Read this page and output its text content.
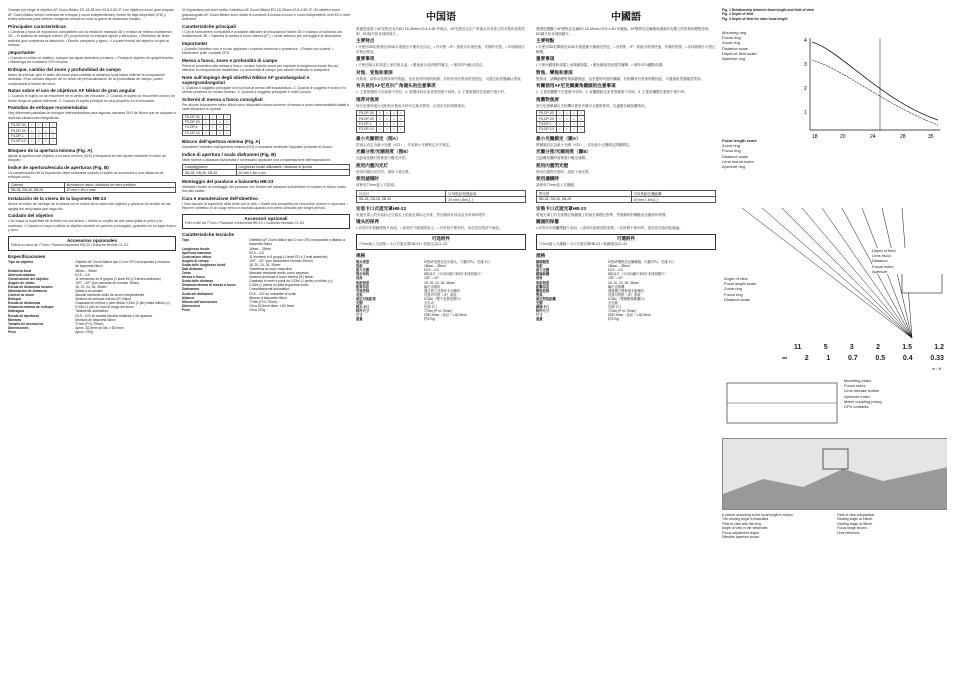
Gracias por elegir el objetivo AF Zoom-Nikkor ED 18-35 mm f/3.5-4.5D IF. Los objetivos zoom gran angular AF Zoom-Nikkor tienen controles de enfoque y zoom independientes, lentes de baja dispersión (ED) y lentes asféricas para obtener imágenes nítidas en toda la gama de distancias focales.
Principales características
• Cámaras y tipos de exposición compatibles con la medición matricial 3D y el flash de relleno multisensor 3D. • El sistema de enfoque interno (IF) proporciona un enfoque rápido y silencioso. • Elemento de lente asférica que compensa la distorsión. • Diseño compacto y ligero. • La parte frontal del objetivo no gira al enfocar.
¡Importante!
• Cuando no utilice el objetivo, coloque las tapas delantera y trasera. • Proteja el objetivo de golpes fuertes. • Mantenga los contactos CPU limpios.
Enfoque, cambio del zoom y profundidad de campo
Antes de enfocar, gire el anillo del zoom para cambiar la distancia focal hasta obtener la composición deseada. Si su cámara dispone de un botón de previsualización de la profundidad de campo, podrá comprobarla a través del visor.
Notas sobre el uso de objetivos AF Nikkor de gran angular
1. Cuando el sujeto no se encuentre en el centro del encuadre. 2. Cuando el sujeto se encuentre cerca y de fondo tenga un patrón diferente. 3. Cuando el sujeto principal es muy pequeño en el encuadre.
Pantallas de enfoque recomendadas
Hay diferentes pantallas de enfoque intercambiables para algunas cámaras SLR de Nikon que se adaptan a diversas situaciones fotográficas.
F5-DP-30	○	○	○	○
F5-DP-20	○	○	○	○
F4-DP-1	○	○	○	○
F3-DP-10	○	○	○	○
Bloqueo de la apertura mínima (Fig. A)
Ajuste la apertura del objetivo a su valor mínimo (f/22) y bloquéela en ese ajuste mediante el botón de bloqueo.
Índice de apertura/escala de aperturas (Fig. B)
La compensación de la exposición debe realizarse cuando el sujeto se encuentra a una distancia de enfoque corta.
Cámara	Iluminación hacia / distancia de fuera posibles
SB-28, SB-26, SB-25	20 mm 1,5m o más
Instalación de la visera de la bayoneta HB-23
Alinee el índice de montaje de la visera con el índice de la visera del objetivo y gírela en el sentido de las agujas del reloj hasta que haga clic.
Cuidado del objetivo
• No toque la superficie de la lente con los dedos. • Utilice un cepillo de aire para quitar el polvo y la suciedad. • Cuando no vaya a utilizar el objetivo durante un período prolongado, guárdelo en un lugar fresco y seco.
Accesorios opcionales
Filtros a rosca de 77mm • Parasol bayoneta HB-23 • Estuche flexible CL-S2
Especificaciones
Tipo de objetivo	Objetivo AF Zoom-Nikkor tipo D con CPU incorporada y montura de bayoneta Nikon
Distancia focal	18mm – 35mm
Abertura máxima	f/3,5 – 4,5
Construcción del objetivo	11 elementos en 8 grupos (1 lente ED y 3 lentes asféricas)
Ángulo de visión	100° – 62° (con cámaras de formato 35mm)
Escala de distancias focales	18, 20, 24, 28, 35mm
Información de distancia	Salida a la cámara
Control de zoom	Manual mediante anillo de zoom independiente
Enfoque	Sistema de enfoque interno (IF) Nikon
Escala de distancias	Graduada en metros y pies desde 0,33m (1 pie) hasta infinito (∞)
Distancia mínima de enfoque	0,33m (1 pie) en todo el rango del zoom
Diafragma	Totalmente automático
Escala de aperturas	f/3,5 – f/22 en ambas escalas estándar y de apertura
Montura	Montura de bayoneta Nikon
Tamaño de accesorios	77mm (P=0,75mm)
Dimensiones	Aprox. 82,5mm de diá. x 82,9mm
Peso	Aprox. 370g
Vi ringraziamo per aver scelto l'obiettivo AF Zoom-Nikkor ED 18-35mm f/3.5-4.5D IF. Gli obiettivi zoom grandangolari AF Zoom-Nikkor sono dotati di comandi di messa a fuoco e zoom indipendenti, lenti ED e lenti asferiche.
Caratteristiche principali
• Con le fotocamere compatibili è possibile utilizzare la misurazione Matrix 3D e il lampo di schiarita con multisensore 3D. • Sistema di messa a fuoco interna (IF). • Lente asferica per correggere la distorsione.
Importante!
• Quando l'obiettivo non è in uso applicare i coperchi anteriore e posteriore. • Evitare urti violenti. • Mantenere puliti i contatti CPU.
Messa a fuoco, zoom e profondità di campo
Prima di procedere alla messa a fuoco, ruotare l'anello zoom per regolare la lunghezza focale fino ad ottenere la composizione desiderata. La profondità di campo può essere verificata in anteprima.
Note sull'impiego degli obiettivi Nikkor AF grandangolari e supergrandangolari
1. Quando il soggetto principale non si trova al centro dell'inquadratura. 2. Quando il soggetto è vicino e lo sfondo presenta un motivo diverso. 3. Quando il soggetto principale è molto piccolo.
Schermi di messa a fuoco consigliati
Per alcune fotocamere reflex Nikon sono disponibili diversi schermi di messa a fuoco intercambiabili adatti a varie situazioni di ripresa.
F5-DP-30	○	○	○	○
F5-DP-20	○	○	○	○
F4-DP-1	○	○	○	○
F3-DP-10	○	○	○	○
Blocco dell'apertura minima (Fig. A)
Impostare l'obiettivo sull'apertura minima (f/22) e bloccarla mediante l'apposito pulsante di blocco.
Indice di apertura / scala diaframmi (Fig. B)
Nelle riprese a distanza ravvicinata è necessario applicare una compensazione dell'esposizione.
Lampeggiatore	Lunghezza focale utilizzabile / distanza di ripresa
SB-28, SB-26, SB-25	20 mm 1,5m o più
Montaggio del paraluce a baionetta HB-23
Allineare l'indice di montaggio del paraluce con l'indice del paraluce sull'obiettivo e ruotarlo in senso orario fino allo scatto.
Cura e manutenzione dell'obiettivo
• Non toccare la superficie della lente con le dita. • Usare una pompetta per rimuovere polvere e sporcizia. • Riporre l'obiettivo in un luogo fresco e asciutto quando non viene utilizzato per lunghi periodi.
Accessori opzionali
Filtri a vite da 77mm • Paraluce a baionetta HB-23 • Custodia morbida CL-S2
Caratteristiche tecniche
Tipo	Obiettivo AF Zoom-Nikkor tipo D con CPU incorporata e attacco a baionetta Nikon
Lunghezza focale	18mm – 35mm
Apertura massima	f/3,5 – 4,5
Costruzione ottica	11 elementi in 8 gruppi (1 lente ED e 3 lenti asferiche)
Angolo di campo	100° – 62° (con fotocamere formato 35mm)
Scala delle lunghezze focali	18, 20, 24, 28, 35mm
Dati distanza	Trasmessi al corpo macchina
Zoom	Manuale mediante anello zoom separato
Messa a fuoco	Sistema di messa a fuoco interna (IF) Nikon
Scala delle distanze	Graduata in metri e piedi da 0,33m (1 piede) a infinito (∞)
Distanza minima di messa a fuoco	0,33m (1 piede) su tutta la gamma zoom
Diaframma	Completamente automatico
Scala dei diaframmi	f/3,5 – f/22 su entrambe le scale
Attacco	Attacco a baionetta Nikon
Misura dell'accessorio	77mm (P=0,75mm)
Dimensioni	Circa 82,5mm diam. x 82,9mm
Peso	Circa 370g
中国语
感谢您选购了AF变焦尼克尔ED 18-35mm f/3.5-4.5D IF镜头。AF变焦尼克尔广角镜头具有独立的对焦和变焦控制、ED镜片和非球面镜片。
主要特点
• 可使用3D矩阵测光和3D多重感应平衡补充闪光。• 内对焦（IF）系统可实现快速、安静的对焦。• 非球面镜片可校正畸变。
重要事项
• 不使用镜头时请盖上前后镜头盖。• 避免镜头受到强烈撞击。• 保持CPU触点清洁。
对焦、变焦和景深
对焦前，请转动变焦环调节焦距，直至获得所需的构图。若相机具有景深预览按钮，可通过取景器确认景深。
有关使用AF尼克尔广角镜头的注意事项
1. 主要被摄体不在画面中央时。2. 被摄体较近而背景图案不同时。3. 主要被摄体在画面中很小时。
推荐对焦屏
部分尼康单镜反光相机可使用多种可互换对焦屏，以适应各种拍摄情况。
F5-DP-30	○	○	○	○
F5-DP-20	○	○	○	○
F4-DP-1	○	○	○	○
F3-DP-10	○	○	○	○
最小光圈锁定（图A）
将镜头设定为最小光圈（f/22），并用最小光圈锁定开关锁定。
光圈分度/光圈刻度（图B）
近距离拍摄时需要进行曝光补偿。
使用内置闪光灯
使用内置闪光灯时，请取下遮光罩。
使用滤镜时
请使用77mm旋入式滤镜。
闪光灯	可用焦距/拍摄距离
SB-28, SB-26, SB-25	20 mm 1.5m以上
安装卡口式遮光罩HB-23
将遮光罩上的安装标记与镜头上的遮光罩标记对准，然后顺时针转动直至听到咔嗒声。
镜头的保养
• 切勿用手指触摸镜片表面。• 请用吹气刷清除灰尘。• 长时间不使用时，请存放在阴凉干燥处。
可选附件
77mm旋入式滤镜 • 卡口式遮光罩HB-23 • 软镜头袋CL-S2
规格
镜头类型	D型AF变焦尼克尔镜头，内置CPU，尼康卡口
焦距	18mm – 35mm
最大光圈	f/3.5 – 4.5
镜头结构	8组11片（1片ED镜片和3片非球面镜片）
视角	100° – 62°
焦距刻度	18, 20, 24, 28, 35mm
距离信息	输出至相机
变焦控制	通过独立变焦环手动操作
对焦	尼康内对焦（IF）系统
最近对焦距离	0.33m（整个变焦范围内）
光圈	全自动
镜头卡口	尼康卡口
附件尺寸	77mm (P=0.75mm)
尺寸	约82.5mm（直径）x 82.9mm
重量	约370g
中國語
感謝您選購了AF變焦尼克爾ED 18-35mm f/3.5-4.5D IF鏡頭。AF變焦尼克爾廣角鏡頭具有獨立的對焦和變焦控制、ED鏡片和非球面鏡片。
主要特點
• 可使用3D矩陣測光和3D多重感應平衡補充閃光。• 內對焦（IF）系統可實現快速、安靜的對焦。• 非球面鏡片可校正畸變。
重要事項
• 不使用鏡頭時請蓋上前後鏡頭蓋。• 避免鏡頭受到強烈撞擊。• 保持CPU觸點清潔。
對焦、變焦和景深
對焦前，請轉動變焦環調節焦距，直至獲得所需的構圖。若相機具有景深預覽按鈕，可通過取景器確認景深。
有關使用AF尼克爾廣角鏡頭的注意事項
1. 主要被攝體不在畫面中央時。2. 被攝體較近而背景圖案不同時。3. 主要被攝體在畫面中很小時。
推薦對焦屏
部分尼康單鏡反光相機可使用多種可互換對焦屏，以適應各種拍攝情況。
F5-DP-30	○	○	○	○
F5-DP-20	○	○	○	○
F4-DP-1	○	○	○	○
F3-DP-10	○	○	○	○
最小光圈鎖定（圖A）
將鏡頭設定為最小光圈（f/22），並用最小光圈鎖定開關鎖定。
光圈分度/光圈刻度（圖B）
近距離拍攝時需要進行曝光補償。
使用內置閃光燈
使用內置閃光燈時，請取下遮光罩。
使用濾鏡時
請使用77mm旋入式濾鏡。
閃光燈	可用焦距/拍攝距離
SB-28, SB-26, SB-25	20 mm 1.5m以上
安裝卡口式遮光罩HB-23
將遮光罩上的安裝標記與鏡頭上的遮光罩標記對準，然後順時針轉動直至聽到咔嗒聲。
鏡頭的保養
• 切勿用手指觸摸鏡片表面。• 請用吹氣刷清除灰塵。• 長時間不使用時，請存放在陰涼乾燥處。
可選附件
77mm旋入式濾鏡 • 卡口式遮光罩HB-23 • 軟鏡頭袋CL-S2
規格
鏡頭類型	D型AF變焦尼克爾鏡頭，內置CPU，尼康卡口
焦距	18mm – 35mm
最大光圈	f/3.5 – 4.5
鏡頭結構	8組11片（1片ED鏡片和3片非球面鏡片）
視角	100° – 62°
焦距刻度	18, 20, 24, 28, 35mm
距離信息	輸出至相機
變焦控制	通過獨立變焦環手動操作
對焦	尼康內對焦（IF）系統
最近對焦距離	0.33m（整個變焦範圍內）
光圈	全自動
鏡頭卡口	尼康卡口
附件尺寸	77mm (P=0.75mm)
尺寸	約82.5mm（直徑）x 82.9mm
重量	約370g
Fig. 1 Relationship between focal length and field of view
Fig. 2 Depth of field
Fig. 3 Depth of field for each focal length
Mounting ring
Focus ring
Zoom ring
Distance scale
Depth-of-field scale
Aperture ring
4
3
2
1
18	20	24	28	35
Focal length scale
Zoom ring
Focus ring
Distance scale
Lens mount index
Aperture ring
Depth of field
Lens hood
Distance
Focus index
Aperture
Angle of view
Focal length scale
Zoom ring
Focus ring
Distance scale
11	5	3	2	1.5	1.2
∞	2	1	0.7	0.5	0.4	0.33
m / ft
Mounting index
Focus index
Lens release button
Aperture index
Meter coupling prong
CPU contacts
A picture according to the focal length is shown.
The viewing angle is illustrated.
Field of view with this lens.
Angle of view in the viewfinder.
Focus adjustment region.
Effective aperture shown.
Field of view comparison.
Viewing angle at 18mm.
Viewing angle at 35mm.
Focus range shown.
Lens reference.
